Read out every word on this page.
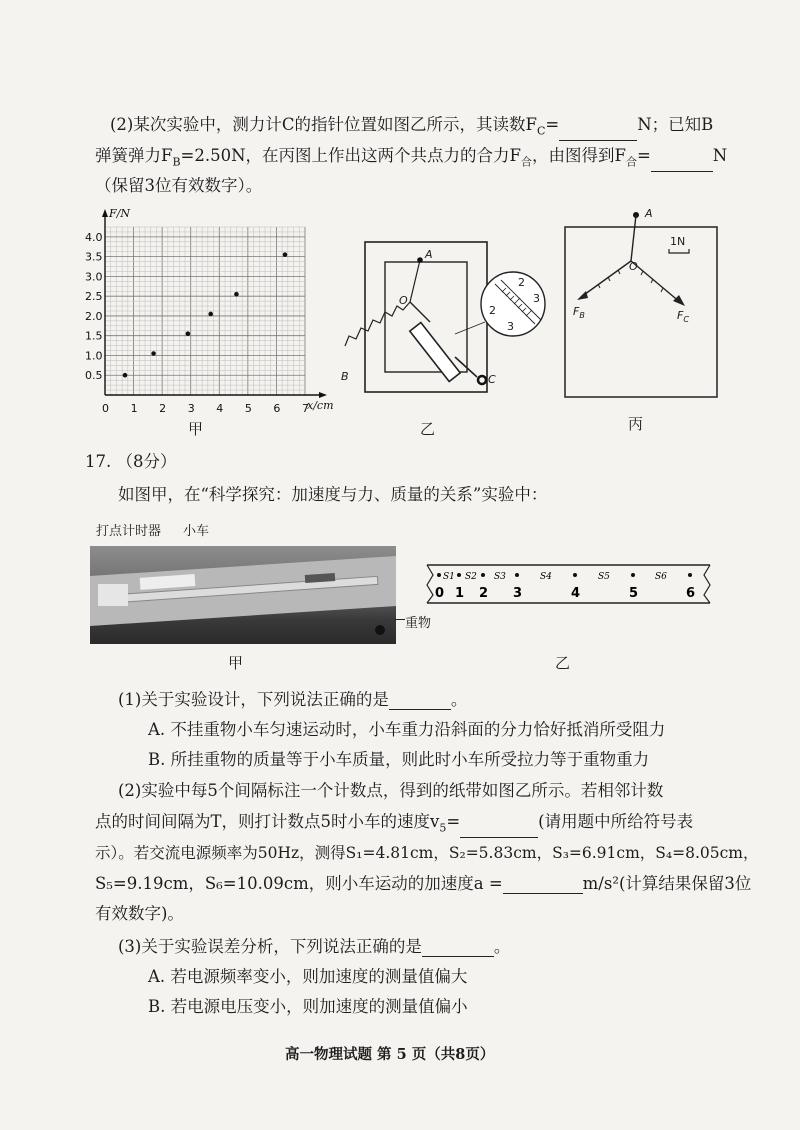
(2)某次实验中，测力计C的指针位置如图乙所示，其读数$F_C=$	N；已知B
弹簧弹力$F_B=2.50N$，在丙图上作出这两个共点力的合力$F_合$，由图得到$F_合=$	N
（保留3位有效数字）。
0 1 2 3 4 5 6 7
0.5
1.0
1.5
2.0
2.5
3.0
3.5
4.0
F/N
x/cm
甲
A
O
B	C
2
2
3
3
乙
A
O
1N
$F_B$	$F_C$
丙
17. （8分）
如图甲，在“科学探究：加速度与力、质量的关系”实验中：
打点计时器 小车
重物
0 1 2 3	4	5	6
S1 S2 S3	S4	S5	S6
甲	乙
(1)关于实验设计，下列说法正确的是	。
A. 不挂重物小车匀速运动时，小车重力沿斜面的分力恰好抵消所受阻力
B. 所挂重物的质量等于小车质量，则此时小车所受拉力等于重物重力
(2)实验中每5个间隔标注一个计数点，得到的纸带如图乙所示。若相邻计数
点的时间间隔为T，则打计数点5时小车的速度$v_5=$	(请用题中所给符号表
示）。若交流电源频率为50Hz，测得S₁=4.81cm，S₂=5.83cm，S₃=6.91cm，S₄=8.05cm，
S₅=9.19cm，S₆=10.09cm，则小车运动的加速度a =	m/s²(计算结果保留3位
有效数字)。
(3)关于实验误差分析，下列说法正确的是	。
A. 若电源频率变小，则加速度的测量值偏大
B. 若电源电压变小，则加速度的测量值偏小
高一物理试题 第 5 页（共8页）
